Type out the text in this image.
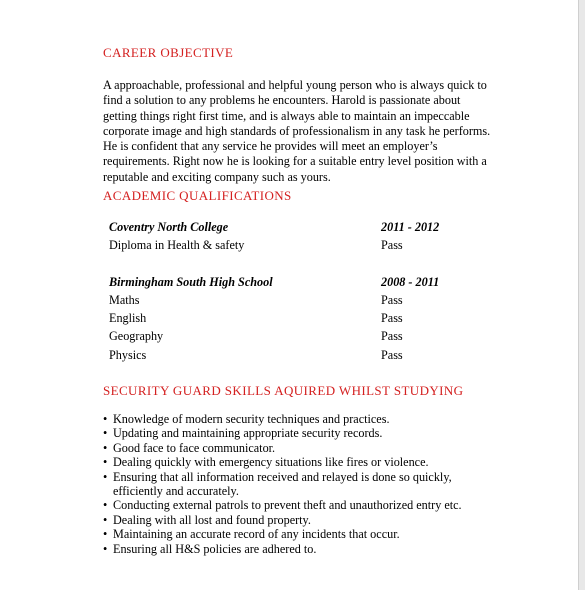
CAREER OBJECTIVE
A approachable, professional and helpful young person who is always quick to
find a solution to any problems he encounters. Harold is passionate about
getting things right first time, and is always able to maintain an impeccable
corporate image and high standards of professionalism in any task he performs.
He is confident that any service he provides will meet an employer’s
requirements. Right now he is looking for a suitable entry level position with a
reputable and exciting company such as yours.
ACADEMIC QUALIFICATIONS
Coventry North College	2011 - 2012
Diploma in Health & safety	Pass
Birmingham South High School	2008 - 2011
Maths	Pass
English	Pass
Geography	Pass
Physics	Pass
SECURITY GUARD SKILLS AQUIRED WHILST STUDYING
• Knowledge of modern security techniques and practices.
• Updating and maintaining appropriate security records.
• Good face to face communicator.
• Dealing quickly with emergency situations like fires or violence.
• Ensuring that all information received and relayed is done so quickly,
efficiently and accurately.
• Conducting external patrols to prevent theft and unauthorized entry etc.
• Dealing with all lost and found property.
• Maintaining an accurate record of any incidents that occur.
• Ensuring all H&S policies are adhered to.
